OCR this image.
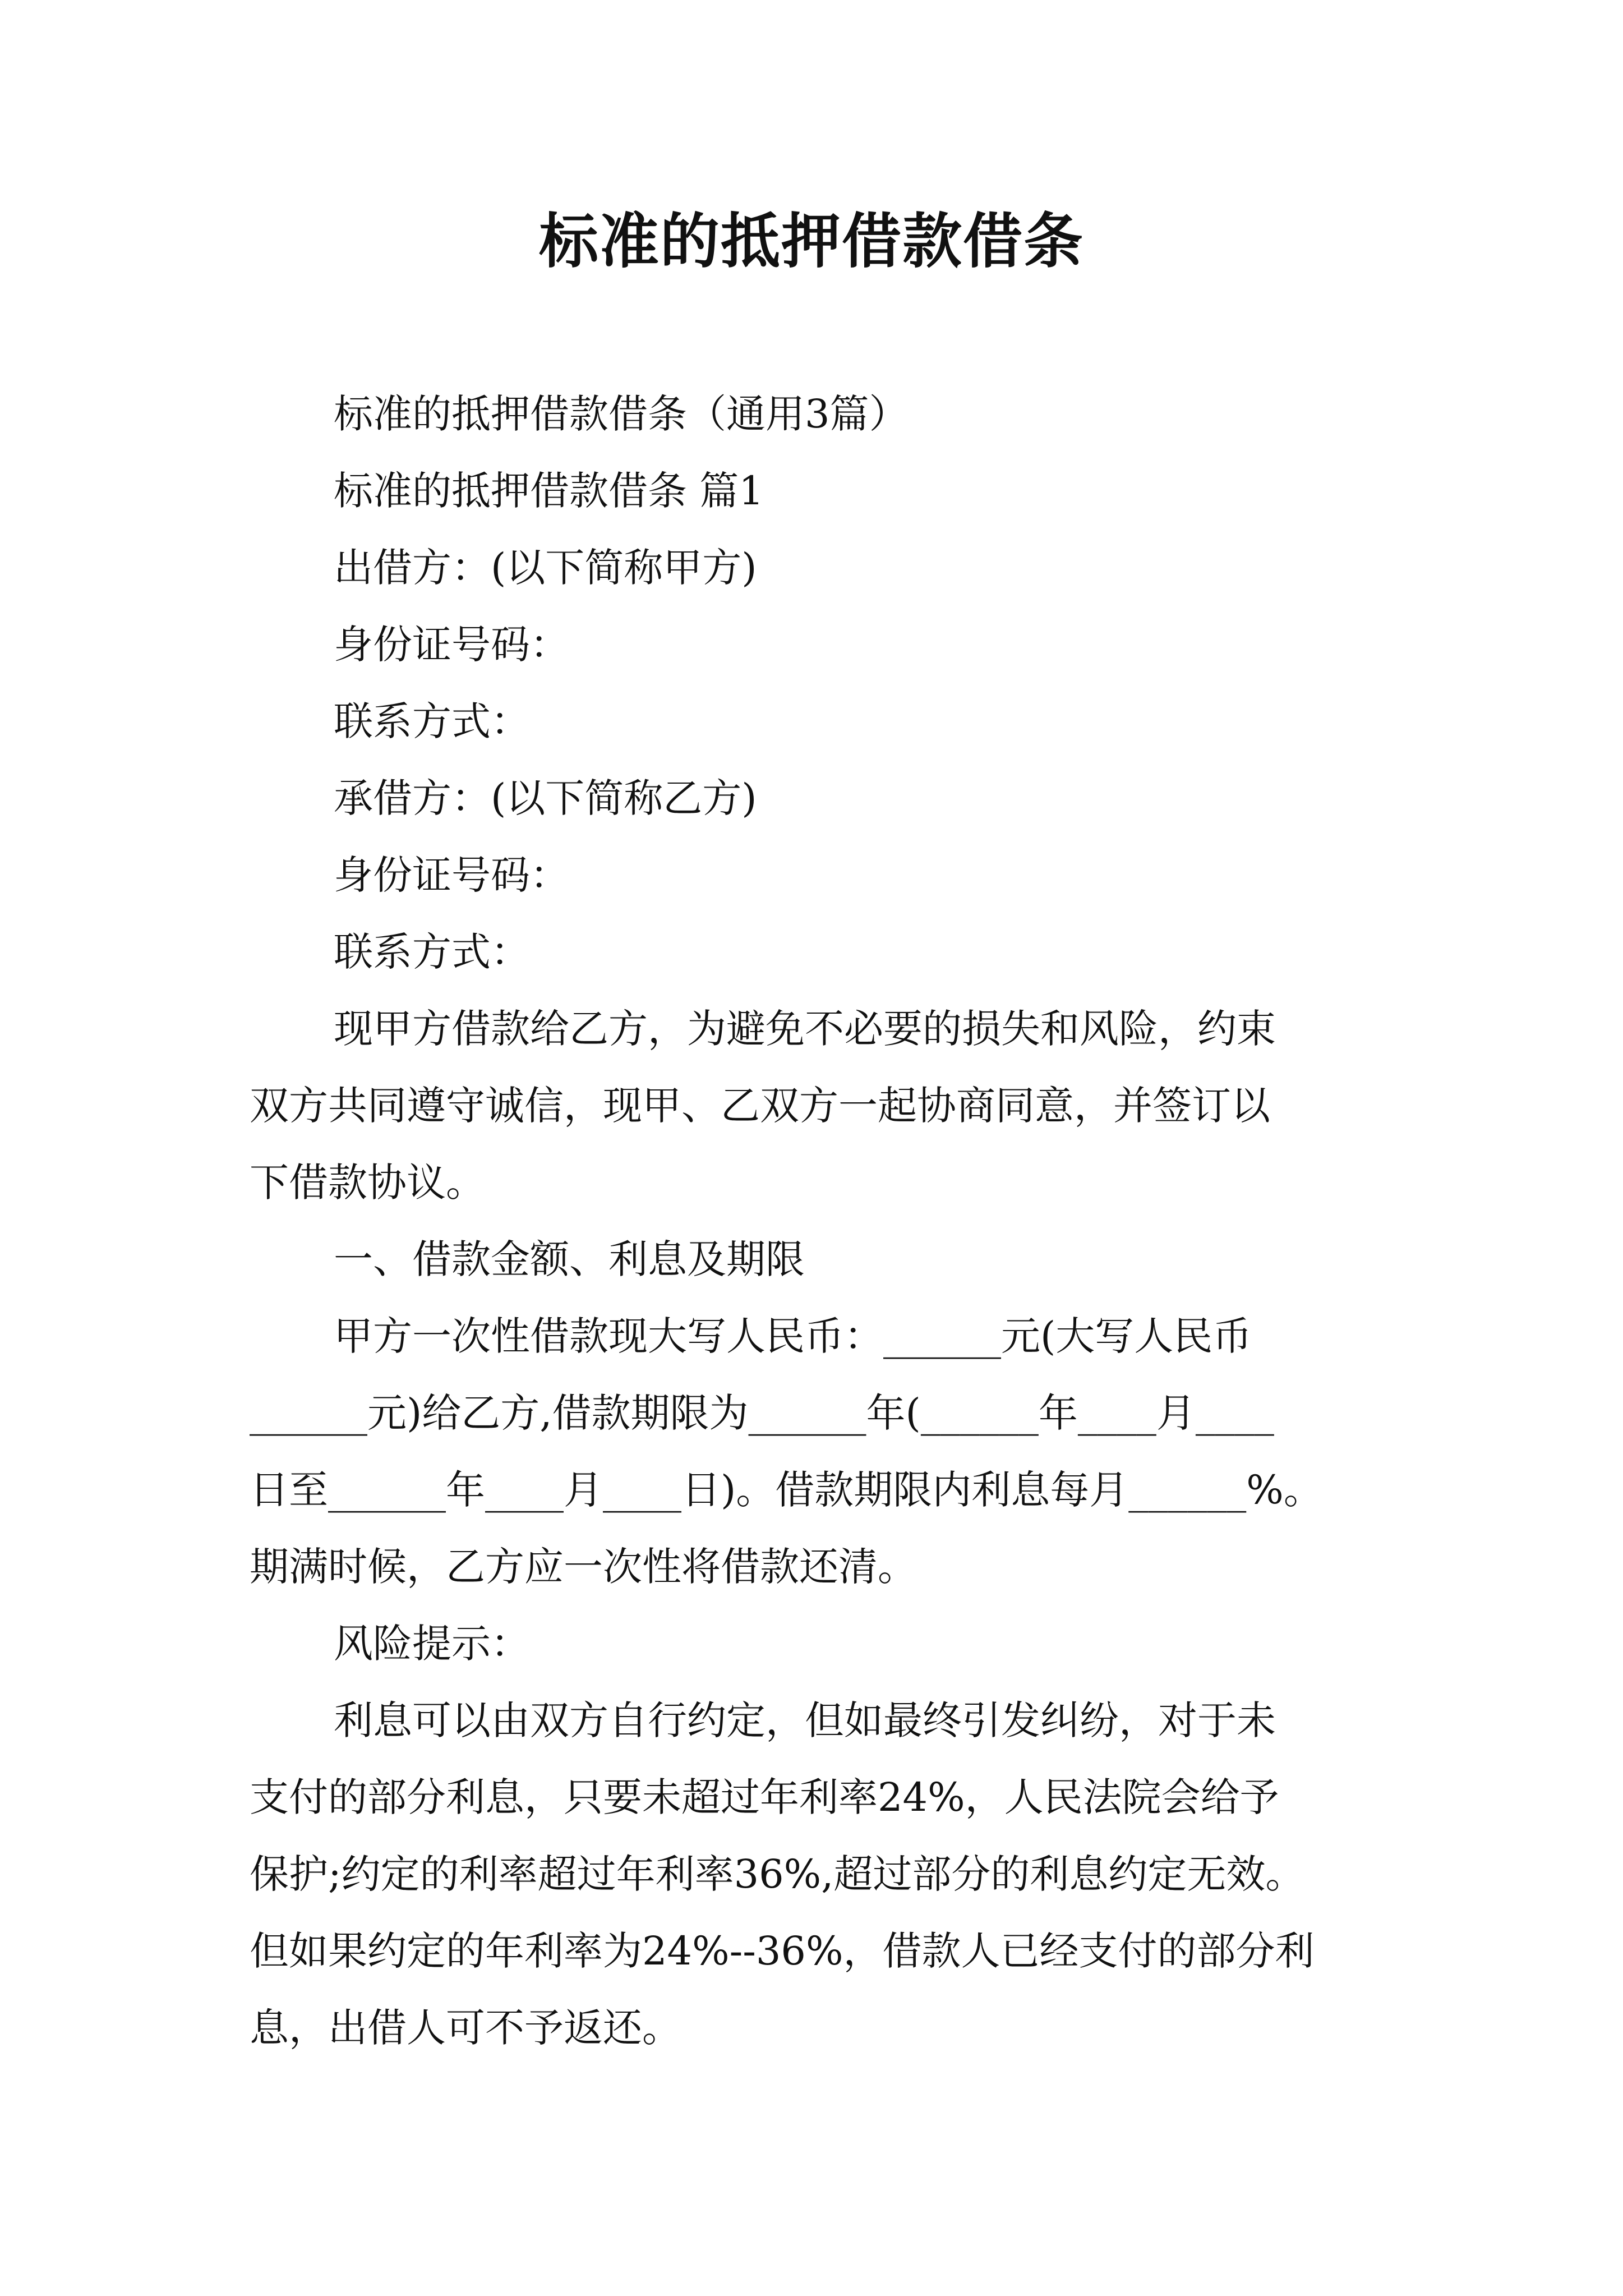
标准的抵押借款借条

标准的抵押借款借条（通用3篇）

标准的抵押借款借条 篇1

出借方：(以下简称甲方)

身份证号码：

联系方式：

承借方：(以下简称乙方)

身份证号码：

联系方式：

现甲方借款给乙方，为避免不必要的损失和风险，约束
双方共同遵守诚信，现甲、乙双方一起协商同意，并签订以
下借款协议。

一、借款金额、利息及期限

甲方一次性借款现大写人民币：______元(大写人民币
______元)给乙方,借款期限为______年(______年____月____
日至______年____月____日)。借款期限内利息每月______%。
期满时候，乙方应一次性将借款还清。

风险提示：

利息可以由双方自行约定，但如最终引发纠纷，对于未
支付的部分利息，只要未超过年利率24%，人民法院会给予
保护;约定的利率超过年利率36%,超过部分的利息约定无效。
但如果约定的年利率为24%--36%，借款人已经支付的部分利
息，出借人可不予返还。
